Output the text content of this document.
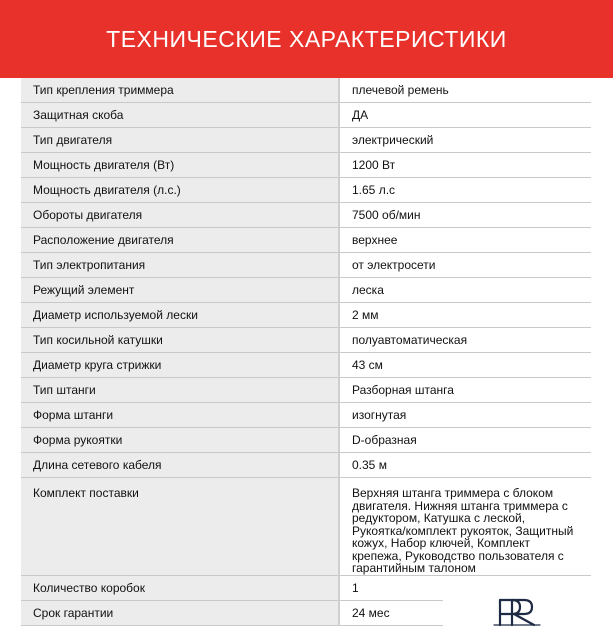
ТЕХНИЧЕСКИЕ ХАРАКТЕРИСТИКИ
Тип крепления триммера	плечевой ремень
Защитная скоба	ДА
Тип двигателя	электрический
Мощность двигателя (Вт)	1200 Вт
Мощность двигателя (л.с.)	1.65 л.с
Обороты двигателя	7500 об/мин
Расположение двигателя	верхнее
Тип электропитания	от электросети
Режущий элемент	леска
Диаметр используемой лески	2 мм
Тип косильной катушки	полуавтоматическая
Диаметр круга стрижки	43 см
Тип штанги	Разборная штанга
Форма штанги	изогнутая
Форма рукоятки	D-образная
Длина сетевого кабеля	0.35 м
Комплект поставки	Верхняя штанга триммера с блоком двигателя. Нижняя штанга триммера с редуктором, Катушка с леской, Рукоятка/комплект рукояток, Защитный кожух, Набор ключей, Комплект крепежа, Руководство пользователя с гарантийным талоном
Количество коробок	1
Срок гарантии	24 мес
